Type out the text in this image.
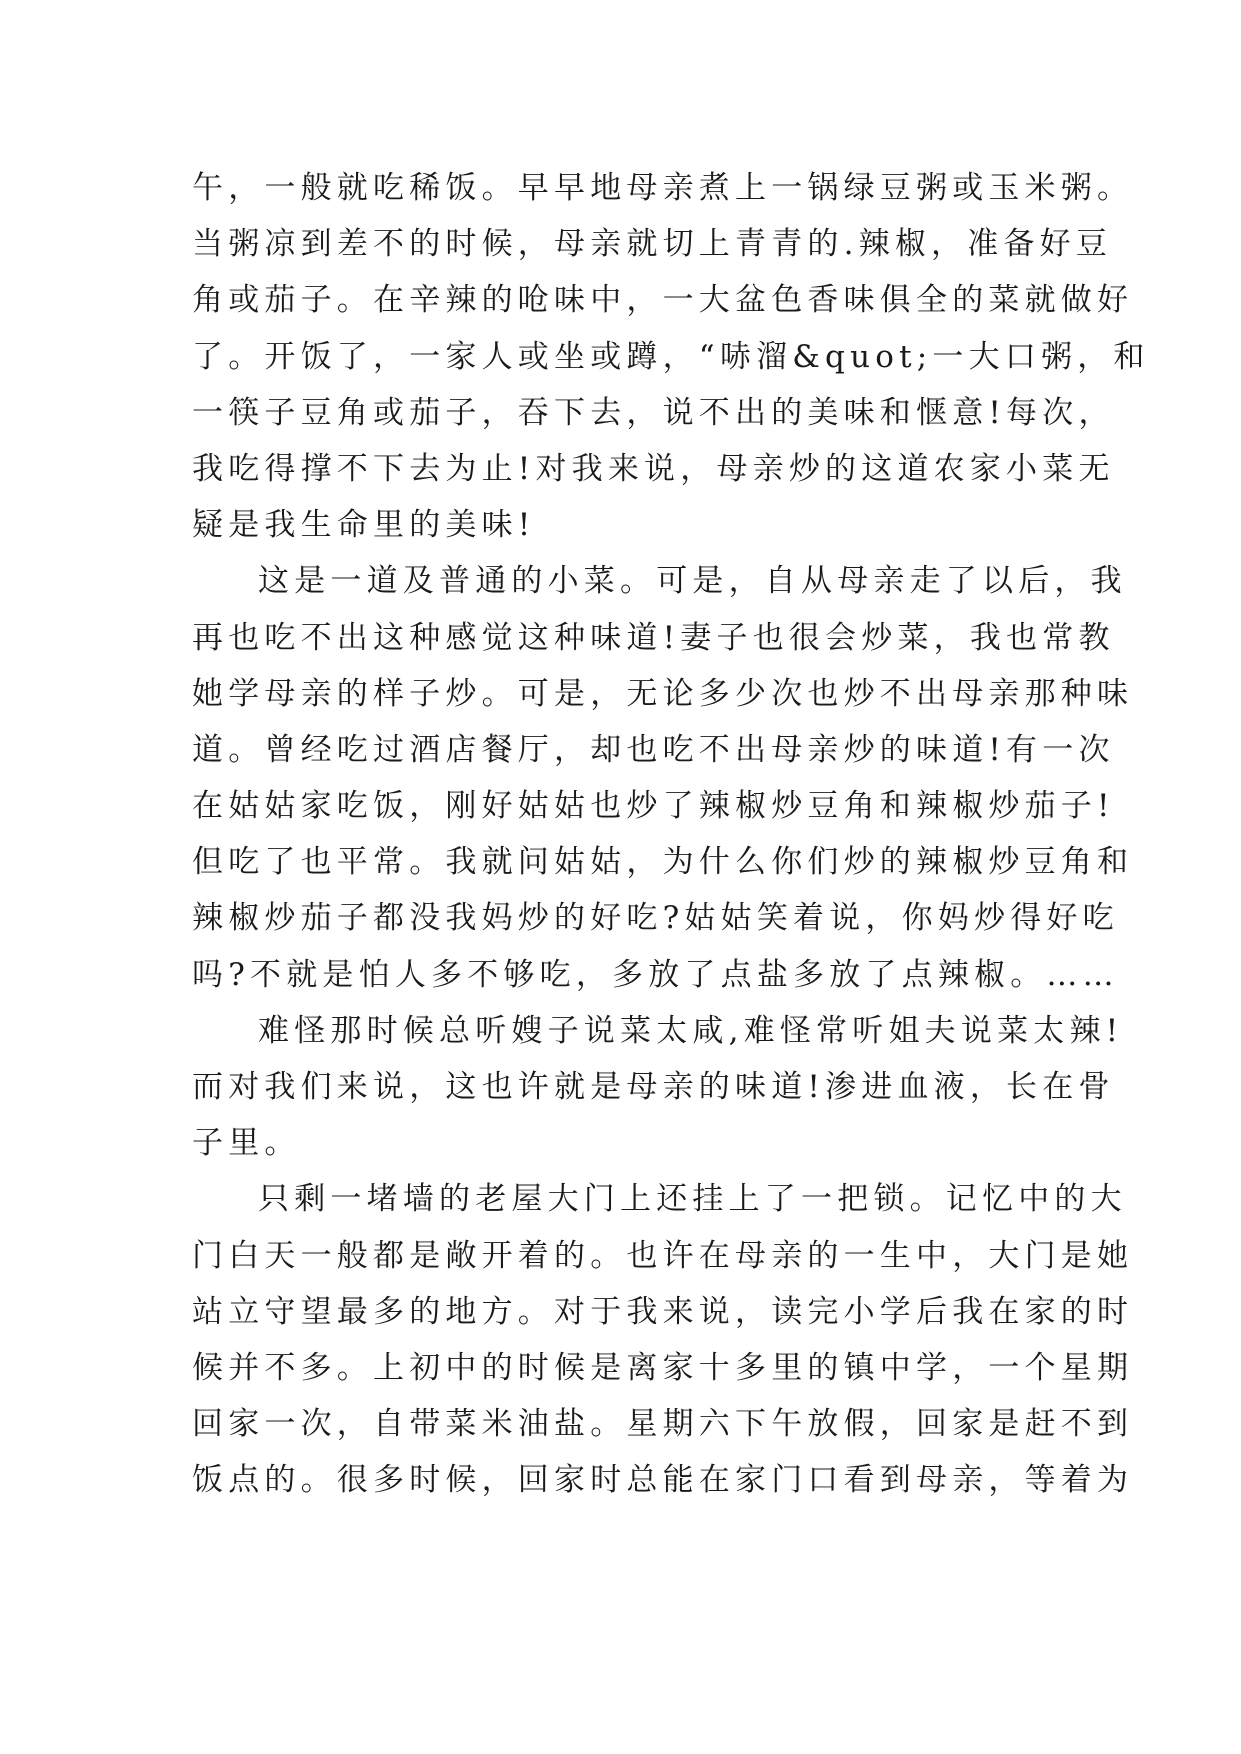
午，一般就吃稀饭。早早地母亲煮上一锅绿豆粥或玉米粥。
当粥凉到差不的时候，母亲就切上青青的.辣椒，准备好豆
角或茄子。在辛辣的呛味中，一大盆色香味俱全的菜就做好
了。开饭了，一家人或坐或蹲，“哧溜&quot;一大口粥，和
一筷子豆角或茄子，吞下去，说不出的美味和惬意!每次，
我吃得撑不下去为止!对我来说，母亲炒的这道农家小菜无
疑是我生命里的美味!
这是一道及普通的小菜。可是，自从母亲走了以后，我
再也吃不出这种感觉这种味道!妻子也很会炒菜，我也常教
她学母亲的样子炒。可是，无论多少次也炒不出母亲那种味
道。曾经吃过酒店餐厅，却也吃不出母亲炒的味道!有一次
在姑姑家吃饭，刚好姑姑也炒了辣椒炒豆角和辣椒炒茄子!
但吃了也平常。我就问姑姑，为什么你们炒的辣椒炒豆角和
辣椒炒茄子都没我妈炒的好吃?姑姑笑着说，你妈炒得好吃
吗?不就是怕人多不够吃，多放了点盐多放了点辣椒。……
难怪那时候总听嫂子说菜太咸,难怪常听姐夫说菜太辣!
而对我们来说，这也许就是母亲的味道!渗进血液，长在骨
子里。
只剩一堵墙的老屋大门上还挂上了一把锁。记忆中的大
门白天一般都是敞开着的。也许在母亲的一生中，大门是她
站立守望最多的地方。对于我来说，读完小学后我在家的时
候并不多。上初中的时候是离家十多里的镇中学，一个星期
回家一次，自带菜米油盐。星期六下午放假，回家是赶不到
饭点的。很多时候，回家时总能在家门口看到母亲，等着为
